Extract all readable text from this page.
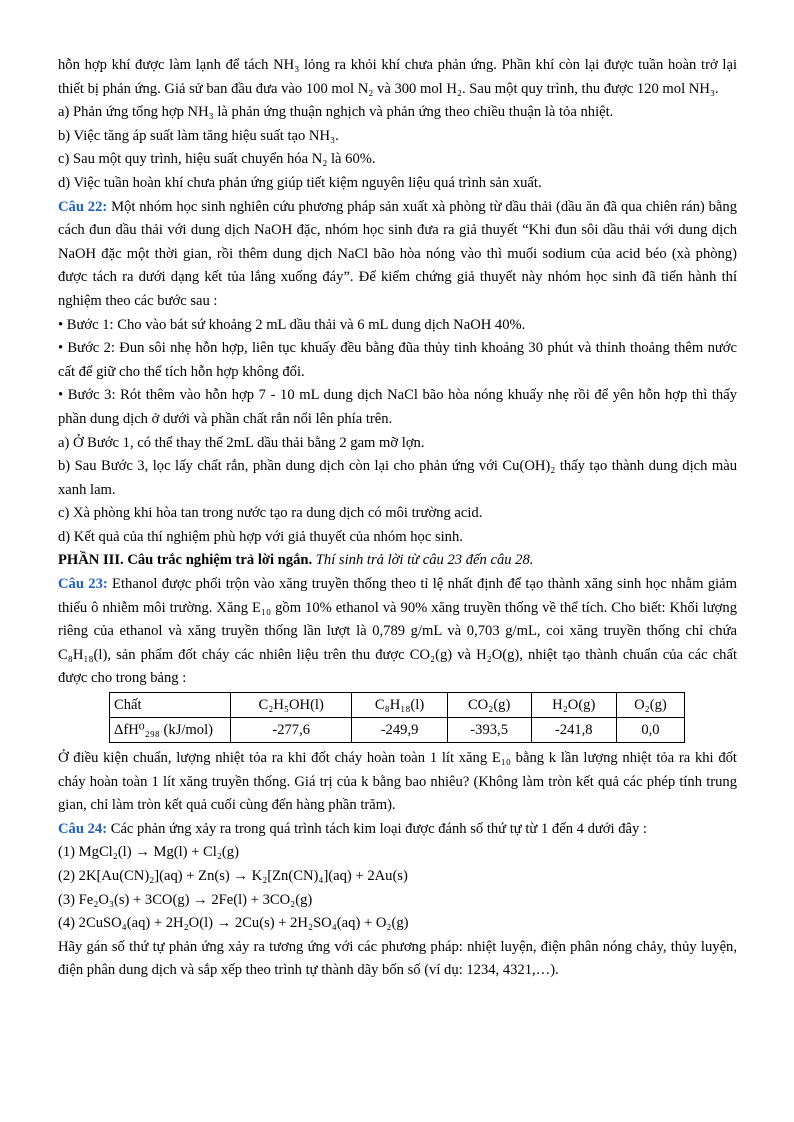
hỗn hợp khí được làm lạnh để tách NH₃ lỏng ra khỏi khí chưa phản ứng. Phần khí còn lại được tuần hoàn trở lại thiết bị phản ứng. Giả sử ban đầu đưa vào 100 mol N₂ và 300 mol H₂. Sau một quy trình, thu được 120 mol NH₃.

a) Phản ứng tổng hợp NH₃ là phản ứng thuận nghịch và phản ứng theo chiều thuận là tỏa nhiệt.

b) Việc tăng áp suất làm tăng hiệu suất tạo NH₃.

c) Sau một quy trình, hiệu suất chuyển hóa N₂ là 60%.

d) Việc tuần hoàn khí chưa phản ứng giúp tiết kiệm nguyên liệu quá trình sản xuất.

Câu 22: Một nhóm học sinh nghiên cứu phương pháp sản xuất xà phòng từ dầu thải (dầu ăn đã qua chiên rán) bằng cách đun dầu thải với dung dịch NaOH đặc, nhóm học sinh đưa ra giả thuyết “Khi đun sôi dầu thải với dung dịch NaOH đặc một thời gian, rồi thêm dung dịch NaCl bão hòa nóng vào thì muối sodium của acid béo (xà phòng) được tách ra dưới dạng kết tủa lắng xuống đáy”. Để kiểm chứng giả thuyết này nhóm học sinh đã tiến hành thí nghiệm theo các bước sau :

• Bước 1: Cho vào bát sứ khoảng 2 mL dầu thải và 6 mL dung dịch NaOH 40%.

• Bước 2: Đun sôi nhẹ hỗn hợp, liên tục khuấy đều bằng đũa thủy tinh khoảng 30 phút và thỉnh thoảng thêm nước cất để giữ cho thể tích hỗn hợp không đổi.

• Bước 3: Rót thêm vào hỗn hợp 7 - 10 mL dung dịch NaCl bão hòa nóng khuấy nhẹ rồi để yên hỗn hợp thì thấy phần dung dịch ở dưới và phần chất rắn nổi lên phía trên.

a) Ở Bước 1, có thể thay thế 2mL dầu thải bằng 2 gam mỡ lợn.

b) Sau Bước 3, lọc lấy chất rắn, phần dung dịch còn lại cho phản ứng với Cu(OH)₂ thấy tạo thành dung dịch màu xanh lam.

c) Xà phòng khi hòa tan trong nước tạo ra dung dịch có môi trường acid.

d) Kết quả của thí nghiệm phù hợp với giả thuyết của nhóm học sinh.

PHẦN III. Câu trắc nghiệm trả lời ngắn. Thí sinh trả lời từ câu 23 đến câu 28.

Câu 23: Ethanol được phối trộn vào xăng truyền thống theo tỉ lệ nhất định để tạo thành xăng sinh học nhằm giảm thiểu ô nhiễm môi trường. Xăng E₁₀ gồm 10% ethanol và 90% xăng truyền thống về thể tích. Cho biết: Khối lượng riêng của ethanol và xăng truyền thống lần lượt là 0,789 g/mL và 0,703 g/mL, coi xăng truyền thống chỉ chứa C₈H₁₈(l), sản phẩm đốt cháy các nhiên liệu trên thu được CO₂(g) và H₂O(g), nhiệt tạo thành chuẩn của các chất được cho trong bảng :

Chất	C₂H₅OH(l)	C₈H₁₈(l)	CO₂(g)	H₂O(g)	O₂(g)
ΔfH⁰₂₉₈ (kJ/mol)	-277,6	-249,9	-393,5	-241,8	0,0

Ở điều kiện chuẩn, lượng nhiệt tỏa ra khi đốt cháy hoàn toàn 1 lít xăng E₁₀ bằng k lần lượng nhiệt tỏa ra khi đốt cháy hoàn toàn 1 lít xăng truyền thống. Giá trị của k bằng bao nhiêu? (Không làm tròn kết quả các phép tính trung gian, chỉ làm tròn kết quả cuối cùng đến hàng phần trăm).

Câu 24: Các phản ứng xảy ra trong quá trình tách kim loại được đánh số thứ tự từ 1 đến 4 dưới đây :

(1) MgCl₂(l) → Mg(l) + Cl₂(g)

(2) 2K[Au(CN)₂](aq) + Zn(s) → K₂[Zn(CN)₄](aq) + 2Au(s)

(3) Fe₂O₃(s) + 3CO(g) → 2Fe(l) + 3CO₂(g)

(4) 2CuSO₄(aq) + 2H₂O(l) → 2Cu(s) + 2H₂SO₄(aq) + O₂(g)

Hãy gán số thứ tự phản ứng xảy ra tương ứng với các phương pháp: nhiệt luyện, điện phân nóng chảy, thủy luyện, điện phân dung dịch và sắp xếp theo trình tự thành dãy bốn số (ví dụ: 1234, 4321,…).
